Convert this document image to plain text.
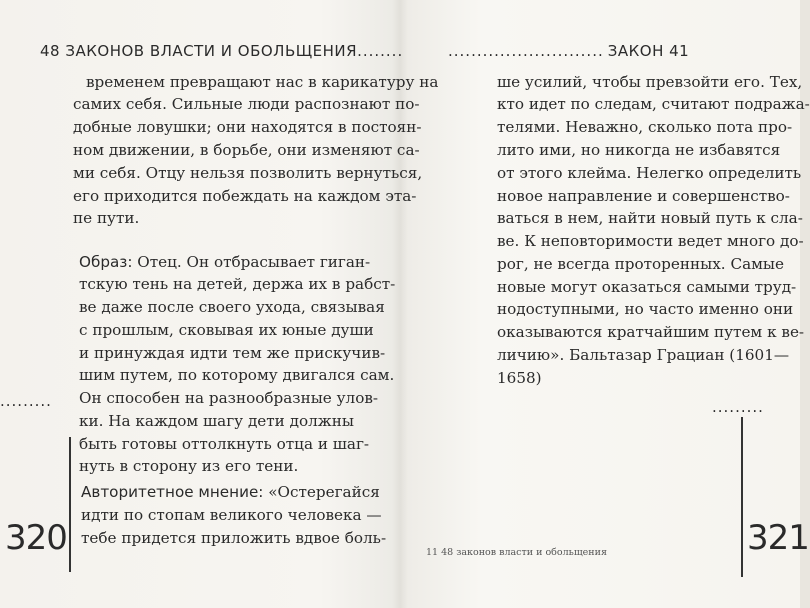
48 ЗАКОНОВ ВЛАСТИ И ОБОЛЬЩЕНИЯ........
временем превращают нас в карикатуру на
самих себя. Сильные люди распознают по-
добные ловушки; они находятся в постоян-
ном движении, в борьбе, они изменяют са-
ми себя. Отцу нельзя позволить вернуться,
его приходится побеждать на каждом эта-
пе пути.
Образ: Отец. Он отбрасывает гиган-
тскую тень на детей, держа их в рабст-
ве даже после своего ухода, связывая
с прошлым, сковывая их юные души
и принуждая идти тем же прискучив-
шим путем, по которому двигался сам.
Он способен на разнообразные улов-
ки. На каждом шагу дети должны
быть готовы оттолкнуть отца и шаг-
нуть в сторону из его тени.
.........
320
Авторитетное мнение: «Остерегайся
идти по стопам великого человека —
тебе придется приложить вдвое боль-
........................... ЗАКОН 41
ше усилий, чтобы превзойти его. Тех,
кто идет по следам, считают подража-
телями. Неважно, сколько пота про-
лито ими, но никогда не избавятся
от этого клейма. Нелегко определить
новое направление и совершенство-
ваться в нем, найти новый путь к сла-
ве. К неповторимости ведет много до-
рог, не всегда проторенных. Самые
новые могут оказаться самыми труд-
нодоступными, но часто именно они
оказываются кратчайшим путем к ве-
личию». Бальтазар Грациан (1601—
1658)
.........
321
11 48 законов власти и обольщения
